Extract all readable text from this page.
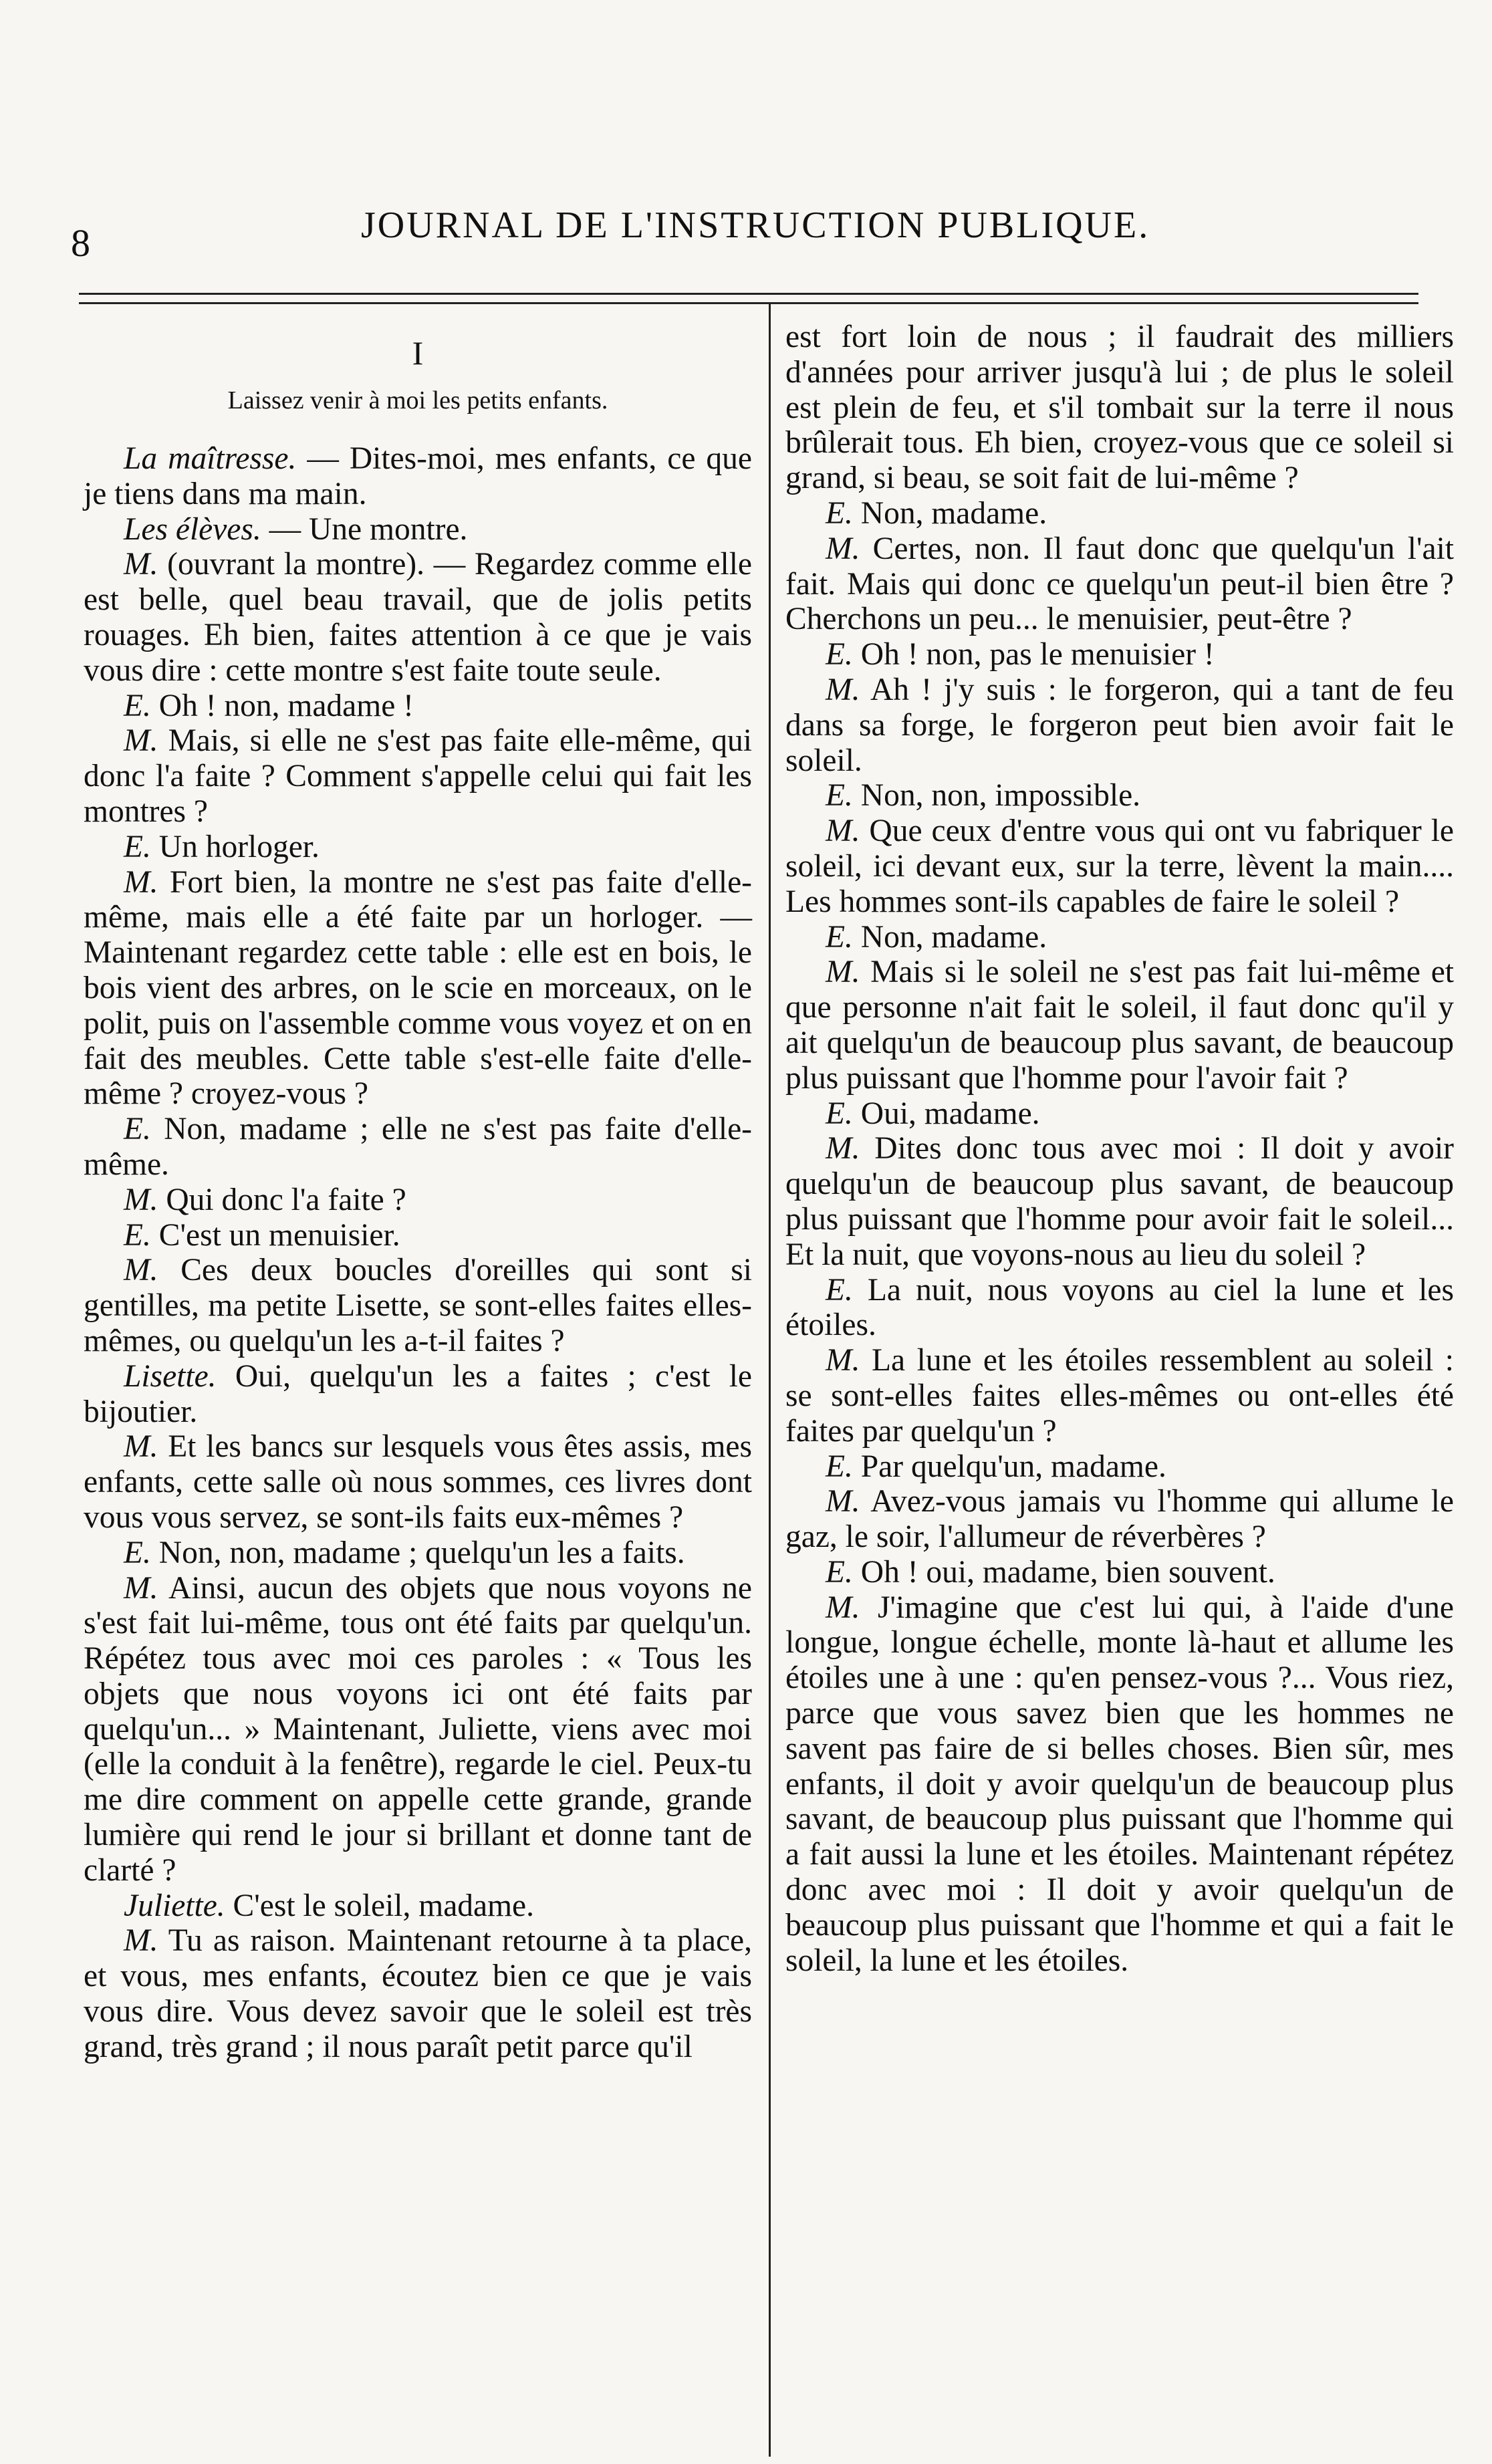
8	JOURNAL DE L'INSTRUCTION PUBLIQUE.
I
Laissez venir à moi les petits enfants.

La maîtresse. — Dites-moi, mes enfants, ce que je tiens dans ma main.

Les élèves. — Une montre.

M. (ouvrant la montre). — Regardez comme elle est belle, quel beau travail, que de jolis petits rouages. Eh bien, faites attention à ce que je vais vous dire : cette montre s'est faite toute seule.

E. Oh ! non, madame !

M. Mais, si elle ne s'est pas faite elle-même, qui donc l'a faite ? Comment s'appelle celui qui fait les montres ?

E. Un horloger.

M. Fort bien, la montre ne s'est pas faite d'elle-même, mais elle a été faite par un horloger. — Maintenant regardez cette table : elle est en bois, le bois vient des arbres, on le scie en morceaux, on le polit, puis on l'assemble comme vous voyez et on en fait des meubles. Cette table s'est-elle faite d'elle-même ? croyez-vous ?

E. Non, madame ; elle ne s'est pas faite d'elle-même.

M. Qui donc l'a faite ?

E. C'est un menuisier.

M. Ces deux boucles d'oreilles qui sont si gentilles, ma petite Lisette, se sont-elles faites elles-mêmes, ou quelqu'un les a-t-il faites ?

Lisette. Oui, quelqu'un les a faites ; c'est le bijoutier.

M. Et les bancs sur lesquels vous êtes assis, mes enfants, cette salle où nous sommes, ces livres dont vous vous servez, se sont-ils faits eux-mêmes ?

E. Non, non, madame ; quelqu'un les a faits.

M. Ainsi, aucun des objets que nous voyons ne s'est fait lui-même, tous ont été faits par quelqu'un. Répétez tous avec moi ces paroles : « Tous les objets que nous voyons ici ont été faits par quelqu'un... » Maintenant, Juliette, viens avec moi (elle la conduit à la fenêtre), regarde le ciel. Peux-tu me dire comment on appelle cette grande, grande lumière qui rend le jour si brillant et donne tant de clarté ?

Juliette. C'est le soleil, madame.

M. Tu as raison. Maintenant retourne à ta place, et vous, mes enfants, écoutez bien ce que je vais vous dire. Vous devez savoir que le soleil est très grand, très grand ; il nous paraît petit parce qu'il

est fort loin de nous ; il faudrait des milliers d'années pour arriver jusqu'à lui ; de plus le soleil est plein de feu, et s'il tombait sur la terre il nous brûlerait tous. Eh bien, croyez-vous que ce soleil si grand, si beau, se soit fait de lui-même ?

E. Non, madame.

M. Certes, non. Il faut donc que quelqu'un l'ait fait. Mais qui donc ce quelqu'un peut-il bien être ? Cherchons un peu... le menuisier, peut-être ?

E. Oh ! non, pas le menuisier !

M. Ah ! j'y suis : le forgeron, qui a tant de feu dans sa forge, le forgeron peut bien avoir fait le soleil.

E. Non, non, impossible.

M. Que ceux d'entre vous qui ont vu fabriquer le soleil, ici devant eux, sur la terre, lèvent la main.... Les hommes sont-ils capables de faire le soleil ?

E. Non, madame.

M. Mais si le soleil ne s'est pas fait lui-même et que personne n'ait fait le soleil, il faut donc qu'il y ait quelqu'un de beaucoup plus savant, de beaucoup plus puissant que l'homme pour l'avoir fait ?

E. Oui, madame.

M. Dites donc tous avec moi : Il doit y avoir quelqu'un de beaucoup plus savant, de beaucoup plus puissant que l'homme pour avoir fait le soleil... Et la nuit, que voyons-nous au lieu du soleil ?

E. La nuit, nous voyons au ciel la lune et les étoiles.

M. La lune et les étoiles ressemblent au soleil : se sont-elles faites elles-mêmes ou ont-elles été faites par quelqu'un ?

E. Par quelqu'un, madame.

M. Avez-vous jamais vu l'homme qui allume le gaz, le soir, l'allumeur de réverbères ?

E. Oh ! oui, madame, bien souvent.

M. J'imagine que c'est lui qui, à l'aide d'une longue, longue échelle, monte là-haut et allume les étoiles une à une : qu'en pensez-vous ?... Vous riez, parce que vous savez bien que les hommes ne savent pas faire de si belles choses. Bien sûr, mes enfants, il doit y avoir quelqu'un de beaucoup plus savant, de beaucoup plus puissant que l'homme qui a fait aussi la lune et les étoiles. Maintenant répétez donc avec moi : Il doit y avoir quelqu'un de beaucoup plus puissant que l'homme et qui a fait le soleil, la lune et les étoiles.
